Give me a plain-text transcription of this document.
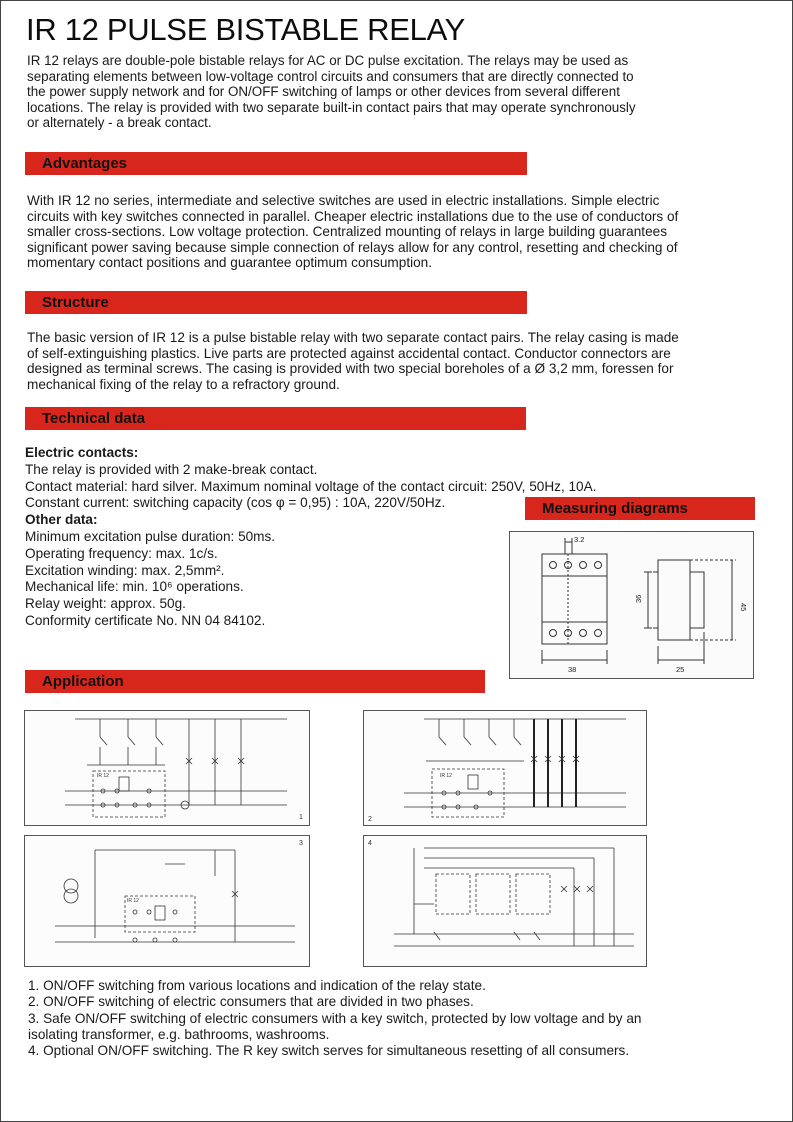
IR 12 PULSE BISTABLE RELAY
IR 12 relays are double-pole bistable relays for AC or DC pulse excitation. The relays may be used as
separating elements between low-voltage control circuits and consumers that are directly connected to
the power supply network and for ON/OFF switching of lamps or other devices from several different
locations. The relay is provided with two separate built-in contact pairs that may operate synchronously
or alternately - a break contact.
Advantages
With IR 12 no series, intermediate and selective switches are used in electric installations. Simple electric
circuits with key switches connected in parallel. Cheaper electric installations due to the use of conductors of
smaller cross-sections. Low voltage protection. Centralized mounting of relays in large building guarantees
significant power saving because simple connection of relays allow for any control, resetting and checking of
momentary contact positions and guarantee optimum consumption.
Structure
The basic version of IR 12 is a pulse bistable relay with two separate contact pairs. The relay casing is made
of self-extinguishing plastics. Live parts are protected against accidental contact. Conductor connectors are
designed as terminal screws. The casing is provided with two special boreholes of a Ø 3,2 mm, foressen for
mechanical fixing of the relay to a refractory ground.
Technical data
Electric contacts:
The relay is provided with 2 make-break contact.
Contact material: hard silver. Maximum nominal voltage of the contact circuit: 250V, 50Hz, 10A.
Constant current: switching capacity (cos φ = 0,95) : 10A, 220V/50Hz.
Other data:
Minimum excitation pulse duration: 50ms.
Operating frequency: max. 1c/s.
Excitation winding: max. 2,5mm².
Mechanical life: min. 10⁶ operations.
Relay weight: approx. 50g.
Conformity certificate No. NN 04 84102.
Measuring diagrams
3.2
38
36
45
25
Application
IR 12
1
IR 12
2
IR 12
3	4
1. ON/OFF switching from various locations and indication of the relay state.
2. ON/OFF switching of electric consumers that are divided in two phases.
3. Safe ON/OFF switching of electric consumers with a key switch, protected by low voltage and by an
isolating transformer, e.g. bathrooms, washrooms.
4. Optional ON/OFF switching. The R key switch serves for simultaneous resetting of all consumers.
